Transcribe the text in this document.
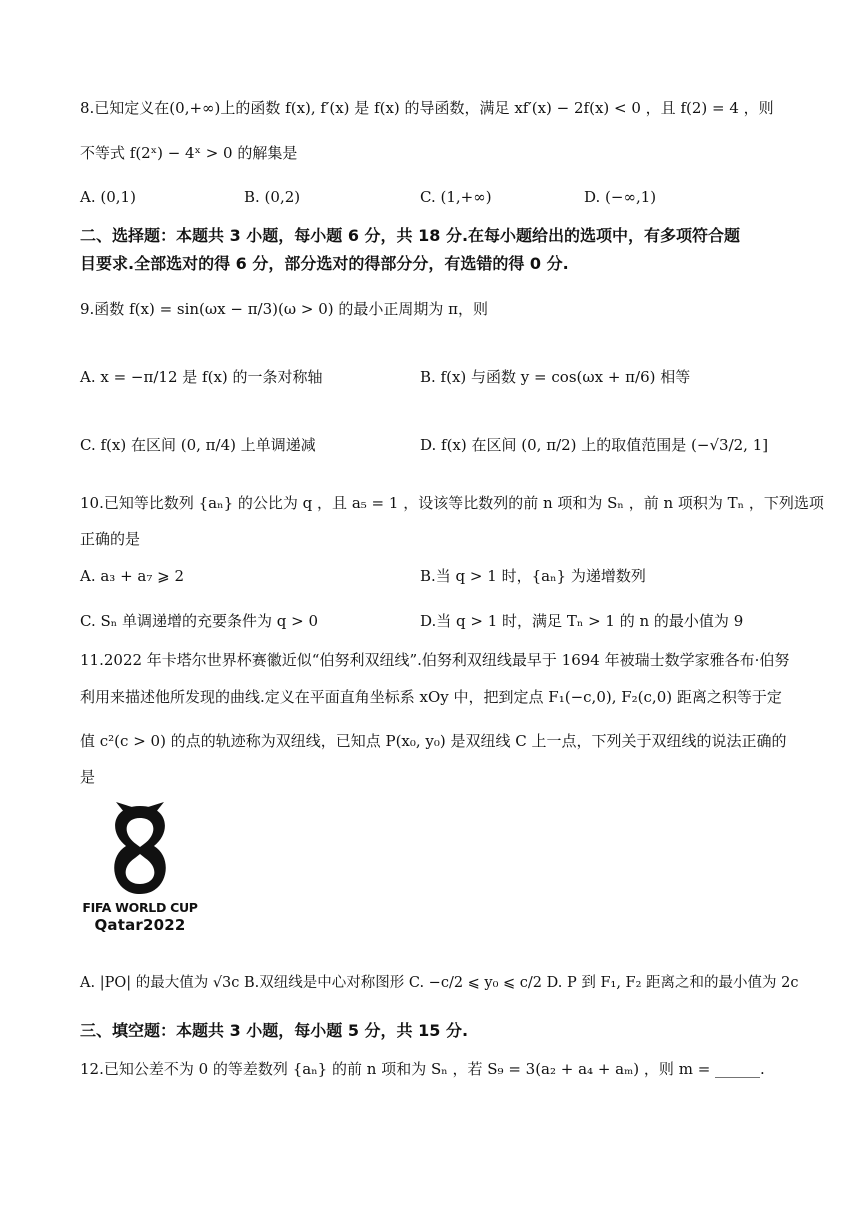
8.已知定义在(0,+∞)上的函数 f(x), f′(x) 是 f(x) 的导函数，满足 xf′(x) − 2f(x) < 0 ，且 f(2) = 4 ，则
不等式 f(2ˣ) − 4ˣ > 0 的解集是
A. (0,1)	B. (0,2)	C. (1,+∞)	D. (−∞,1)
二、选择题：本题共 3 小题，每小题 6 分，共 18 分.在每小题给出的选项中，有多项符合题
目要求.全部选对的得 6 分，部分选对的得部分分，有选错的得 0 分.
9.函数 f(x) = sin(ωx − π/3)(ω > 0) 的最小正周期为 π，则
A. x = −π/12 是 f(x) 的一条对称轴	B. f(x) 与函数 y = cos(ωx + π/6) 相等
C. f(x) 在区间 (0, π/4) 上单调递减	D. f(x) 在区间 (0, π/2) 上的取值范围是 (−√3/2, 1]
10.已知等比数列 {aₙ} 的公比为 q ，且 a₅ = 1 ，设该等比数列的前 n 项和为 Sₙ ，前 n 项积为 Tₙ ，下列选项
正确的是
A. a₃ + a₇ ⩾ 2	B.当 q > 1 时，{aₙ} 为递增数列
C. Sₙ 单调递增的充要条件为 q > 0	D.当 q > 1 时，满足 Tₙ > 1 的 n 的最小值为 9
11.2022 年卡塔尔世界杯赛徽近似“伯努利双纽线”.伯努利双纽线最早于 1694 年被瑞士数学家雅各布·伯努
利用来描述他所发现的曲线.定义在平面直角坐标系 xOy 中，把到定点 F₁(−c,0), F₂(c,0) 距离之积等于定
值 c²(c > 0) 的点的轨迹称为双纽线，已知点 P(x₀, y₀) 是双纽线 C 上一点，下列关于双纽线的说法正确的
是
FIFA WORLD CUP
Qatar2022
A. |PO| 的最大值为 √3c B.双纽线是中心对称图形 C. −c/2 ⩽ y₀ ⩽ c/2 D. P 到 F₁, F₂ 距离之和的最小值为 2c
三、填空题：本题共 3 小题，每小题 5 分，共 15 分.
12.已知公差不为 0 的等差数列 {aₙ} 的前 n 项和为 Sₙ ，若 S₉ = 3(a₂ + a₄ + aₘ) ，则 m = ______.
